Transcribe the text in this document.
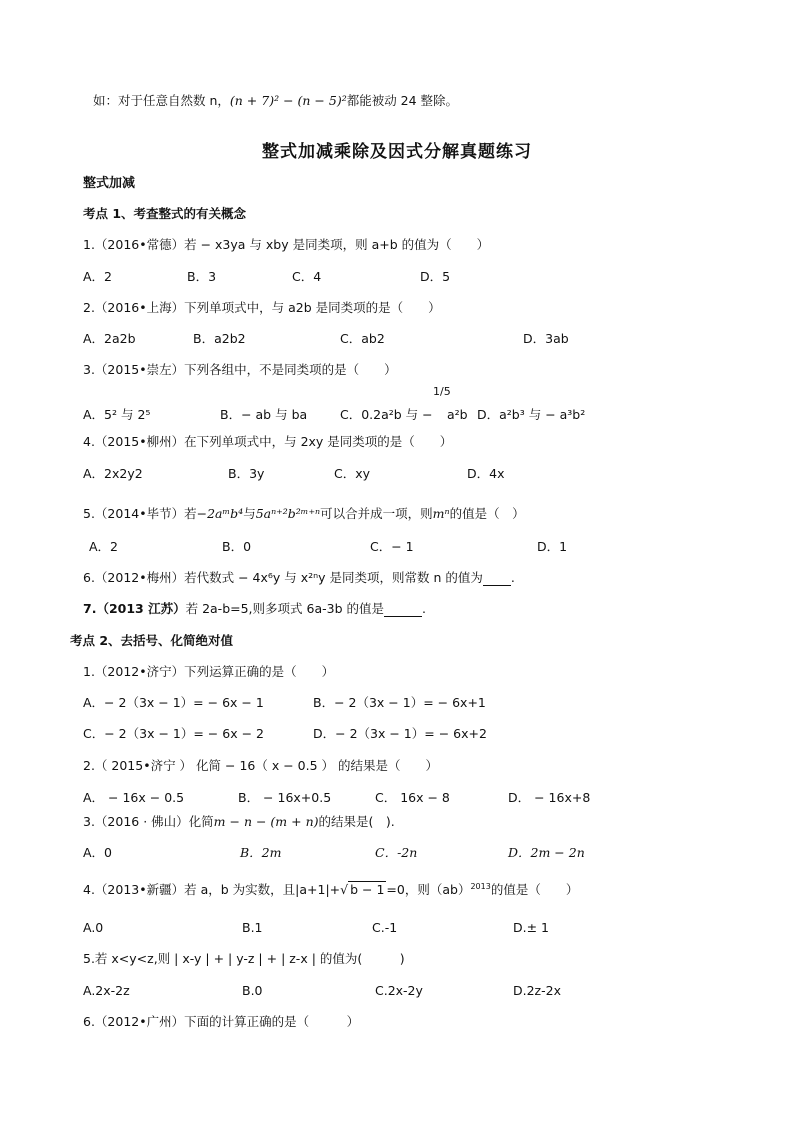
如：对于任意自然数 n，(n + 7)² − (n − 5)²都能被动 24 整除。
整式加减乘除及因式分解真题练习
整式加减
考点 1、考查整式的有关概念
1.（2016•常德）若 − x3ya 与 xby 是同类项，则 a+b 的值为（　　）
A．2	B．3	C．4	D．5
2.（2016•上海）下列单项式中，与 a2b 是同类项的是（　　）
A．2a2b	B．a2b2	C．ab2	D．3ab
3.（2015•崇左）下列各组中，不是同类项的是（　　）
1/5
A．5² 与 2⁵	B．− ab 与 ba	C．0.2a²b 与 − a²b D．a²b³ 与 − a³b²
4.（2015•柳州）在下列单项式中，与 2xy 是同类项的是（　　）
A．2x2y2	B．3y	C．xy	D．4x
5.（2014•毕节）若−2aᵐb⁴与5aⁿ⁺²b²ᵐ⁺ⁿ可以合并成一项，则mⁿ的值是（　）
A．2	B．0	C．− 1	D．1
6.（2012•梅州）若代数式 − 4x⁶y 与 x²ⁿy 是同类项，则常数 n 的值为 .
7.（2013 江苏）若 2a-b=5,则多项式 6a-3b 的值是	.
考点 2、去括号、化简绝对值
1.（2012•济宁）下列运算正确的是（　　）
A．− 2（3x − 1）= − 6x − 1	B．− 2（3x − 1）= − 6x+1
C．− 2（3x − 1）= − 6x − 2	D．− 2（3x − 1）= − 6x+2
2.（ 2015•济宁 ） 化简 − 16（ x − 0.5 ） 的结果是（　　）
A． − 16x − 0.5	B． − 16x+0.5	C． 16x − 8	D． − 16x+8
3.（2016 · 佛山）化简m − n − (m + n)的结果是(　).
A．0	B．2m	C．-2n	D．2m − 2n
4.（2013•新疆）若 a，b 为实数，且|a+1|+√ b − 1 =0，则（ab）$^{2013}$的值是（　　）
A.0	B.1	C.-1	D.± 1
5.若 x<y<z,则 | x-y | + | y-z | + | z-x | 的值为(　　　)
A.2x-2z	B.0	C.2x-2y	D.2z-2x
6.（2012•广州）下面的计算正确的是（　　　）
